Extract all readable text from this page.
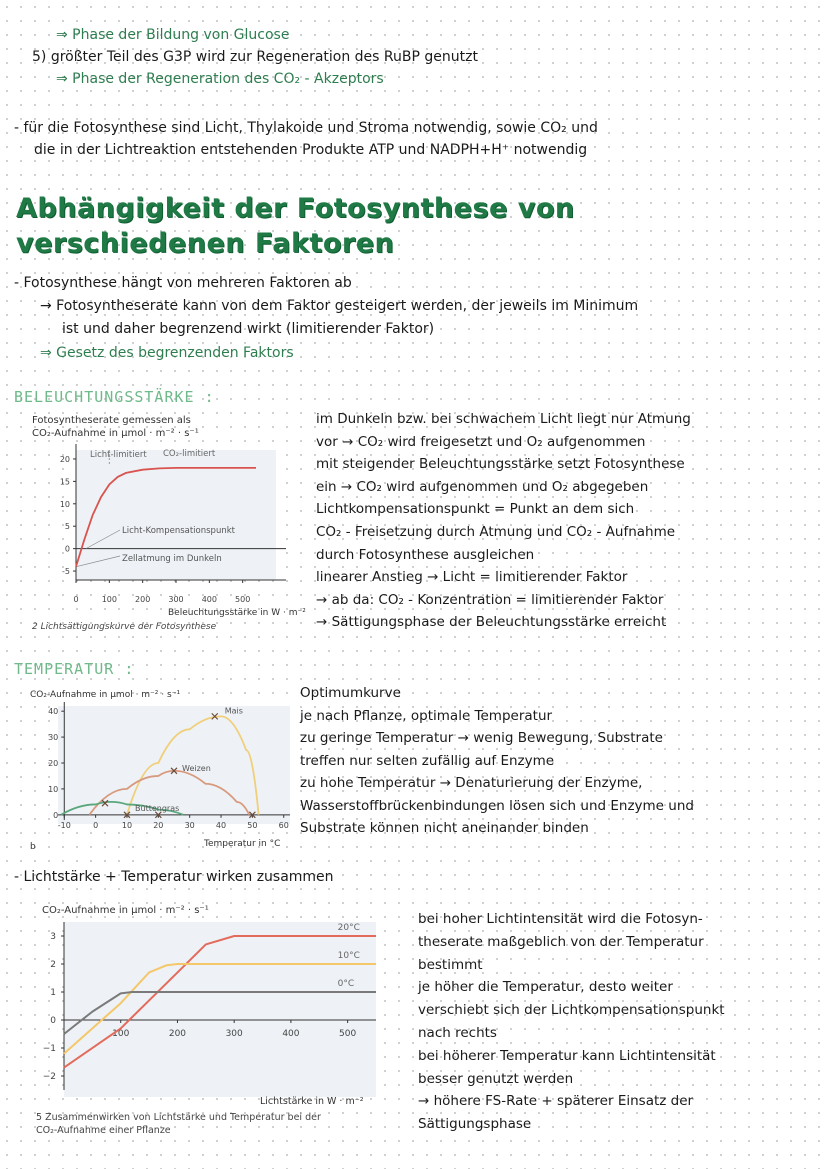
⇒ Phase der Bildung von Glucose
5) größter Teil des G3P wird zur Regeneration des RuBP genutzt
⇒ Phase der Regeneration des CO₂ - Akzeptors
- für die Fotosynthese sind Licht, Thylakoide und Stroma notwendig, sowie CO₂ und
die in der Lichtreaktion entstehenden Produkte ATP und NADPH+H⁺ notwendig
Abhängigkeit der Fotosynthese von
verschiedenen Faktoren
- Fotosynthese hängt von mehreren Faktoren ab
→ Fotosyntheserate kann von dem Faktor gesteigert werden, der jeweils im Minimum
ist und daher begrenzend wirkt (limitierender Faktor)
⇒ Gesetz des begrenzenden Faktors
BELEUCHTUNGSSTÄRKE :
Fotosyntheserate gemessen als
CO₂-Aufnahme in µmol · m⁻² · s⁻¹
20
15
10
5
0
-5
0	100 200 300 400 500
Licht-limitiert CO₂-limitiert
Licht-Kompensationspunkt
Zellatmung im Dunkeln
Beleuchtungsstärke in W · m⁻²
2 Lichtsättigungskurve der Fotosynthese
im Dunkeln bzw. bei schwachem Licht liegt nur Atmung
vor → CO₂ wird freigesetzt und O₂ aufgenommen
mit steigender Beleuchtungsstärke setzt Fotosynthese
ein → CO₂ wird aufgenommen und O₂ abgegeben
Lichtkompensationspunkt = Punkt an dem sich
CO₂ - Freisetzung durch Atmung und CO₂ - Aufnahme
durch Fotosynthese ausgleichen
linearer Anstieg → Licht = limitierender Faktor
→ ab da: CO₂ - Konzentration = limitierender Faktor
→ Sättigungsphase der Beleuchtungsstärke erreicht
TEMPERATUR :
CO₂-Aufnahme in µmol · m⁻² · s⁻¹
40
30
20
10
0
-10	0	10	20	30	40	50	60
Mais
Weizen
Büttengras
b	Temperatur in °C
Optimumkurve
je nach Pflanze, optimale Temperatur
zu geringe Temperatur → wenig Bewegung, Substrate
treffen nur selten zufällig auf Enzyme
zu hohe Temperatur → Denaturierung der Enzyme,
Wasserstoffbrückenbindungen lösen sich und Enzyme und
Substrate können nicht aneinander binden
- Lichtstärke + Temperatur wirken zusammen
CO₂-Aufnahme in µmol · m⁻² · s⁻¹
3
2
1
0
−1
−2
100	200	300	400	500
20°C
10°C
0°C
Lichtstärke in W · m⁻²
5 Zusammenwirken von Lichtstärke und Temperatur bei der
CO₂-Aufnahme einer Pflanze
bei hoher Lichtintensität wird die Fotosyn-
theserate maßgeblich von der Temperatur
bestimmt
je höher die Temperatur, desto weiter
verschiebt sich der Lichtkompensationspunkt
nach rechts
bei höherer Temperatur kann Lichtintensität
besser genutzt werden
→ höhere FS-Rate + späterer Einsatz der
Sättigungsphase
